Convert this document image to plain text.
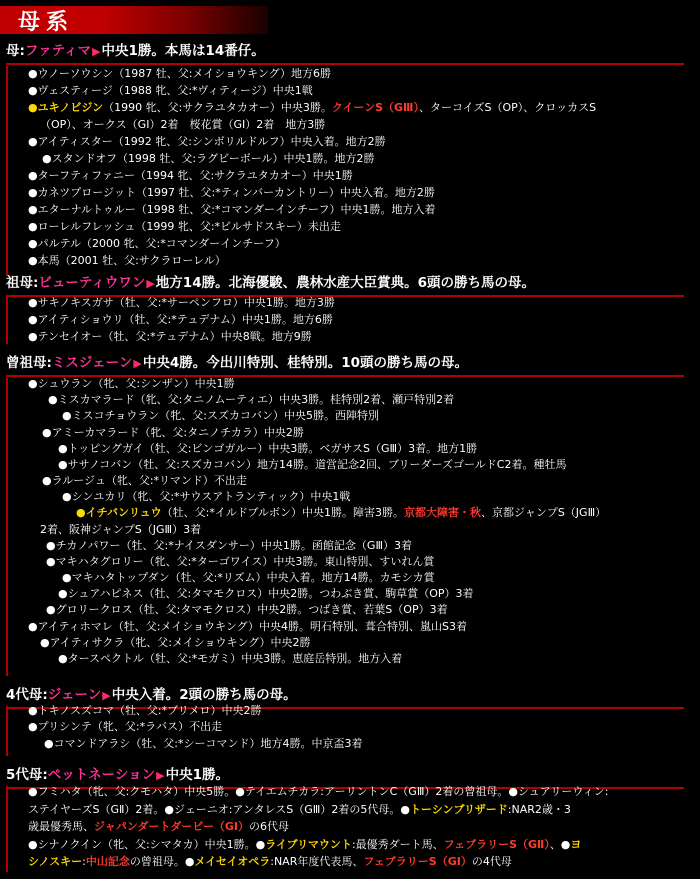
母系
母:ファティマ▶中央1勝。本馬は14番仔。
●ウノーソウシン（1987 牡、父:メイショウキング）地方6勝
●ヴェスティージ（1988 牝、父:*ヴィティージ）中央1戦
●ユキノビジン（1990 牝、父:サクラユタカオー）中央3勝。クイーンS（GⅢ）、ターコイズS（OP）、クロッカスS
（OP）、オークス（GⅠ）2着　桜花賞（GⅠ）2着　地方3勝
●アイティスター（1992 牝、父:シンボリルドルフ）中央入着。地方2勝
●スタンドオフ（1998 牡、父:ラグビーボール）中央1勝。地方2勝
●ターフティファニー（1994 牝、父:サクラユタカオー）中央1勝
●カネツプロージット（1997 牡、父:*ティンバーカントリー）中央入着。地方2勝
●エターナルトゥルー（1998 牡、父:*コマンダーインチーフ）中央1勝。地方入着
●ローレルフレッシュ（1999 牝、父:*ビルサドスキー）未出走
●パルテル（2000 牝、父:*コマンダーインチーフ）
●本馬（2001 牡、父:サクラローレル）
祖母:ビューティウワン▶地方14勝。北海優駿、農林水産大臣賞典。6頭の勝ち馬の母。
●サキノキスガサ（牡、父:*サーペンフロ）中央1勝。地方3勝
●アイティショウリ（牡、父:*テュデナム）中央1勝。地方6勝
●テンセイオー（牡、父:*テュデナム）中央8戦。地方9勝
曾祖母:ミスジェーン▶中央4勝。今出川特別、桂特別。10頭の勝ち馬の母。
●シュウラン（牝、父:シンザン）中央1勝
●ミスカマラード（牝、父:タニノムーティエ）中央3勝。桂特別2着、瀬戸特別2着
●ミスコチョウラン（牝、父:スズカコバン）中央5勝。西陣特別
●アミーカマラード（牝、父:タニノチカラ）中央2勝
●トッピングガイ（牡、父:ビンゴガルー）中央3勝。ベガサスS（GⅢ）3着。地方1勝
●ササノコバン（牡、父:スズカコバン）地方14勝。道営記念2回、ブリーダーズゴールドC2着。種牡馬
●ラルージュ（牝、父:*リマンド）不出走
●シンユカリ（牝、父:*サウスアトランティック）中央1戦
●イチバンリュウ（牡、父:*イルドブルボン）中央1勝。障害3勝。京都大障害・秋、京都ジャンプS（JGⅢ）
2着、阪神ジャンプS（JGⅢ）3着
●チカノパワー（牡、父:*ナイスダンサー）中央1勝。函館記念（GⅢ）3着
●マキハタグロリー（牝、父:*ターゴワイス）中央3勝。東山特別、すいれん賞
●マキハタトップダン（牡、父:*リズム）中央入着。地方14勝。カモシカ賞
●シュアハピネス（牡、父:タマモクロス）中央2勝。つわぶき賞、駒草賞（OP）3着
●グロリークロス（牡、父:タマモクロス）中央2勝。つばき賞、若葉S（OP）3着
●アイティホマレ（牡、父:メイショウキング）中央4勝。明石特別、葺合特別、嵐山S3着
●アイティサクラ（牝、父:メイショウキング）中央2勝
●タースペクトル（牡、父:*モガミ）中央3勝。恵庭岳特別。地方入着
4代母:ジェーン▶中央入着。2頭の勝ち馬の母。
●トキノスズコマ（牡、父:*ブリメロ）中央2勝
●プリシンテ（牝、父:*ラバス）不出走
●コマンドアラシ（牡、父:*シーコマンド）地方4勝。中京盃3着
5代母:ペットネーション▶中央1勝。
●フミハタ（牝、父:クモハタ）中央5勝。●テイエムチカラ:アーリントンC（GⅢ）2着の曾祖母。●シュアリーウィン:
ステイヤーズS（GⅡ）2着。●ジェーニオ:アンタレスS（GⅢ）2着の5代母。●トーシンブリザード:NAR2歳・3
歳最優秀馬、ジャパンダートダービー（GⅠ）の6代母
●シナノクイン（牝、父:シマタカ）中央1勝。●ライブリマウント:最優秀ダート馬、フェブラリーS（GⅡ）、●ヨ
シノスキー:中山記念の曾祖母。●メイセイオペラ:NAR年度代表馬、フェブラリーS（GⅠ）の4代母
